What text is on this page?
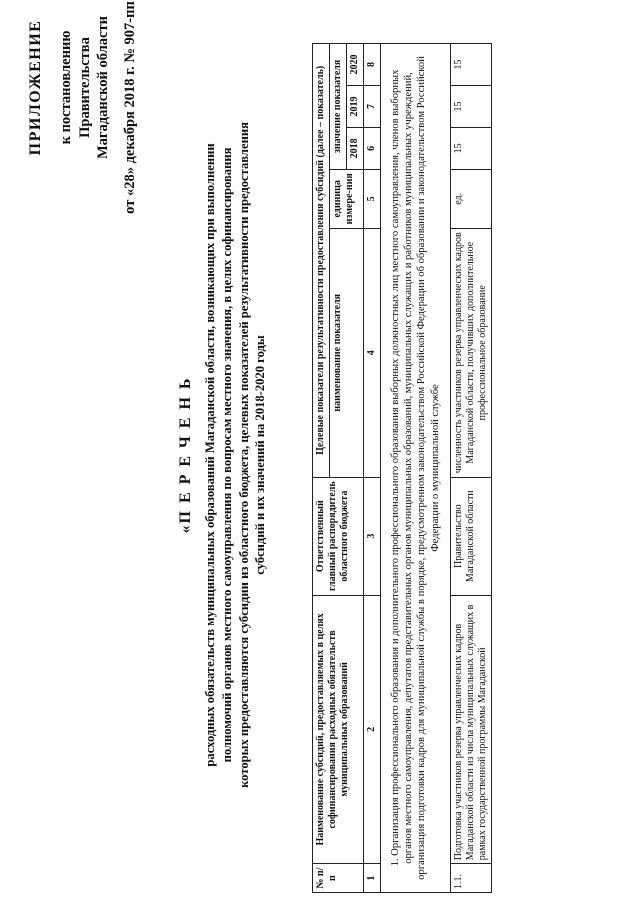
ПРИЛОЖЕНИЕ к постановлению Правительства Магаданской области от «28» декабря 2018 г. № 907-пп
«П Е Р Е Ч Е Н Ь расходных обязательств муниципальных образований Магаданской области, возникающих при выполнении полномочий органов местного самоуправления по вопросам местного значения, в целях софинансирования которых предоставляются субсидии из областного бюджета, целевых показателей результативности предоставления субсидий и их значений на 2018-2020 годы
№ п/п	Наименование субсидий, предоставляемых в целях софинансирования расходных обязательств муниципальных образований	Ответственный главный распорядитель областного бюджета	Целевые показатели результативности предоставления субсидий (далее – показатель)				
			наименование показателя	единица измере-ния	значение показателя		
					2018	2019	2020
1	2	3	4	5	6	7	8
1. Организация профессионального образования и дополнительного профессионального образования выборных должностных лиц местного самоуправления, членов выборных органов местного самоуправления, депутатов представительных органов муниципальных образований, муниципальных служащих и работников муниципальных учреждений, организация подготовки кадров для муниципальной службы в порядке, предусмотренном законодательством Российской Федерации об образовании и законодательством Российской Федерации о муниципальной службе							
1.1.	Подготовка участников резерва управленческих кадров Магаданской области из числа муниципальных служащих в рамках государственной программы Магаданской	Правительство Магаданской области	численность участников резерва управленческих кадров Магаданской области, получивших дополнительное профессиональное образование	ед.	15	15	15
